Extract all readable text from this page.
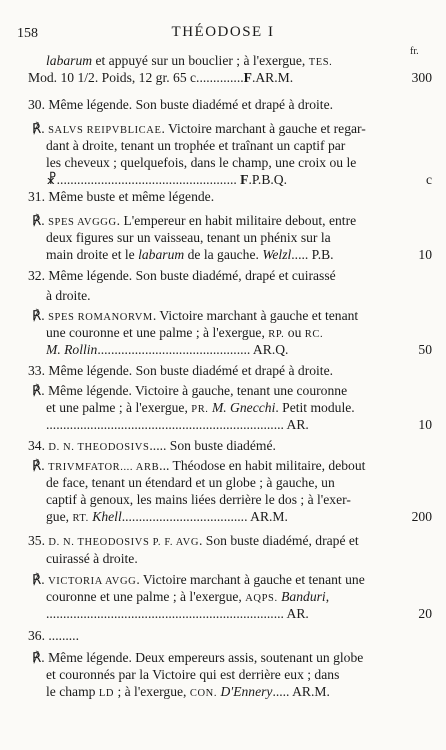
158	THÉODOSE I
fr.
labarum et appuyé sur un bouclier ; à l'exergue, TES.
Mod. 10 1/2. Poids, 12 gr. 65 c..............F.AR.M.	300
30. Même légende. Son buste diadémé et drapé à droite.
℟. SALVS REIPVBLICAE. Victoire marchant à gauche et regar-
dant à droite, tenant un trophée et traînant un captif par
les cheveux ; quelquefois, dans le champ, une croix ou le
☧..................................................... F.P.B.Q.	c
31. Même buste et même légende.
℟. SPES AVGGG. L'empereur en habit militaire debout, entre
deux figures sur un vaisseau, tenant un phénix sur la
main droite et le labarum de la gauche. Welzl..... P.B.	10
32. Même légende. Son buste diadémé, drapé et cuirassé
à droite.
℟. SPES ROMANORVM. Victoire marchant à gauche et tenant
une couronne et une palme ; à l'exergue, RP. ou RC.
M. Rollin............................................. AR.Q.	50
33. Même légende. Son buste diadémé et drapé à droite.
℟. Même légende. Victoire à gauche, tenant une couronne
et une palme ; à l'exergue, PR. M. Gnecchi. Petit module.
...................................................................... AR.	10
34. D. N. THEODOSIVS..... Son buste diadémé.
℟. TRIVMFATOR.... ARB... Théodose en habit militaire, debout
de face, tenant un étendard et un globe ; à gauche, un
captif à genoux, les mains liées derrière le dos ; à l'exer-
gue, RT. Khell..................................... AR.M.	200
35. D. N. THEODOSIVS P. F. AVG. Son buste diadémé, drapé et
cuirassé à droite.
℟. VICTORIA AVGG. Victoire marchant à gauche et tenant une
couronne et une palme ; à l'exergue, AQPS. Banduri,
...................................................................... AR.	20
36. .........
℟. Même légende. Deux empereurs assis, soutenant un globe
et couronnés par la Victoire qui est derrière eux ; dans
le champ LD ; à l'exergue, CON. D'Ennery..... AR.M.
